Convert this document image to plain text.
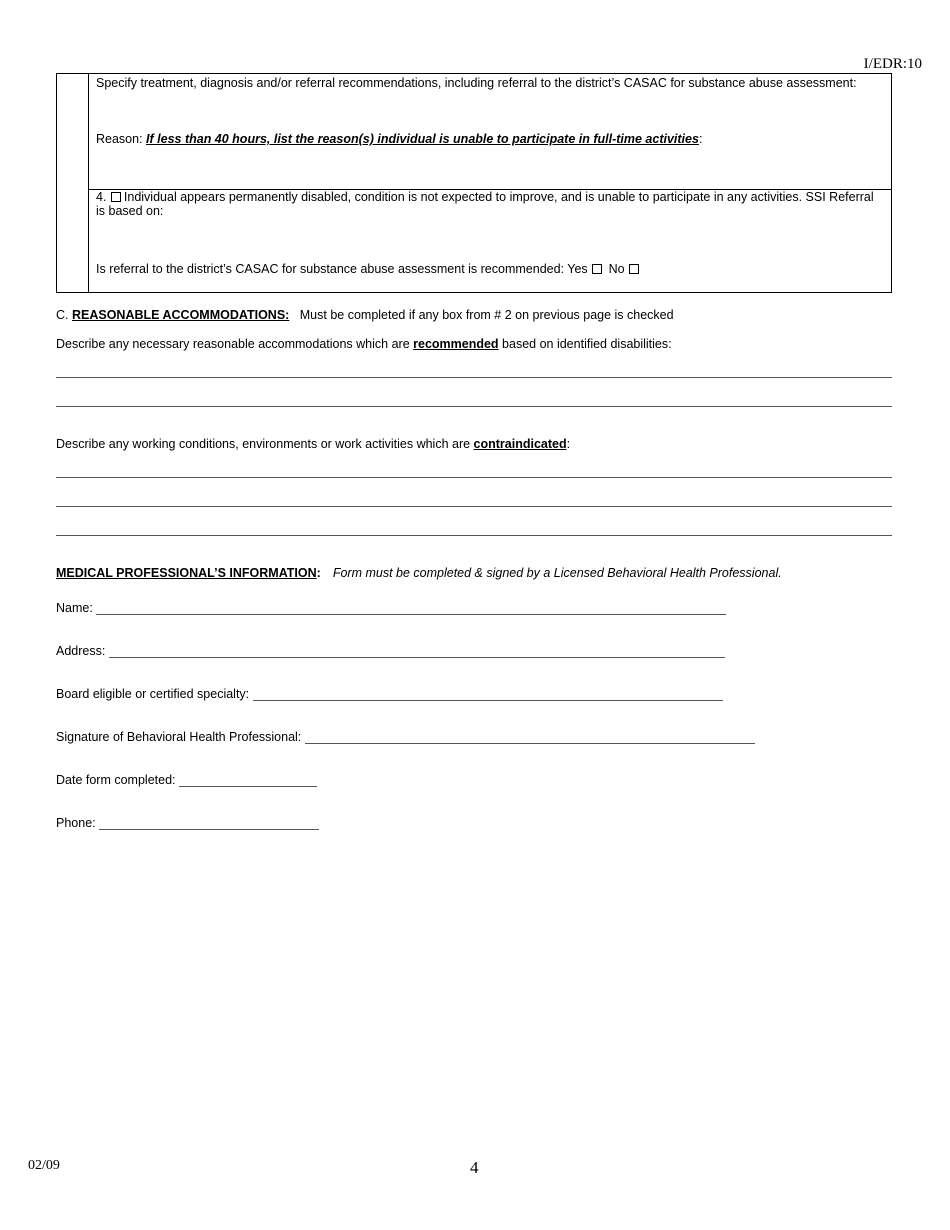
I/EDR:10

Specify treatment, diagnosis and/or referral recommendations, including referral to the district’s CASAC for substance abuse assessment:

Reason: If less than 40 hours, list the reason(s) individual is unable to participate in full-time activities:

4. Individual appears permanently disabled, condition is not expected to improve, and is unable to participate in any activities. SSI Referral is based on:

Is referral to the district’s CASAC for substance abuse assessment is recommended: Yes  No

C. REASONABLE ACCOMMODATIONS:   Must be completed if any box from # 2 on previous page is checked

Describe any necessary reasonable accommodations which are recommended based on identified disabilities:

Describe any working conditions, environments or work activities which are contraindicated:

MEDICAL PROFESSIONAL’S INFORMATION: Form must be completed & signed by a Licensed Behavioral Health Professional.

Name:

Address:

Board eligible or certified specialty:

Signature of Behavioral Health Professional:

Date form completed:

Phone:

02/09	4
